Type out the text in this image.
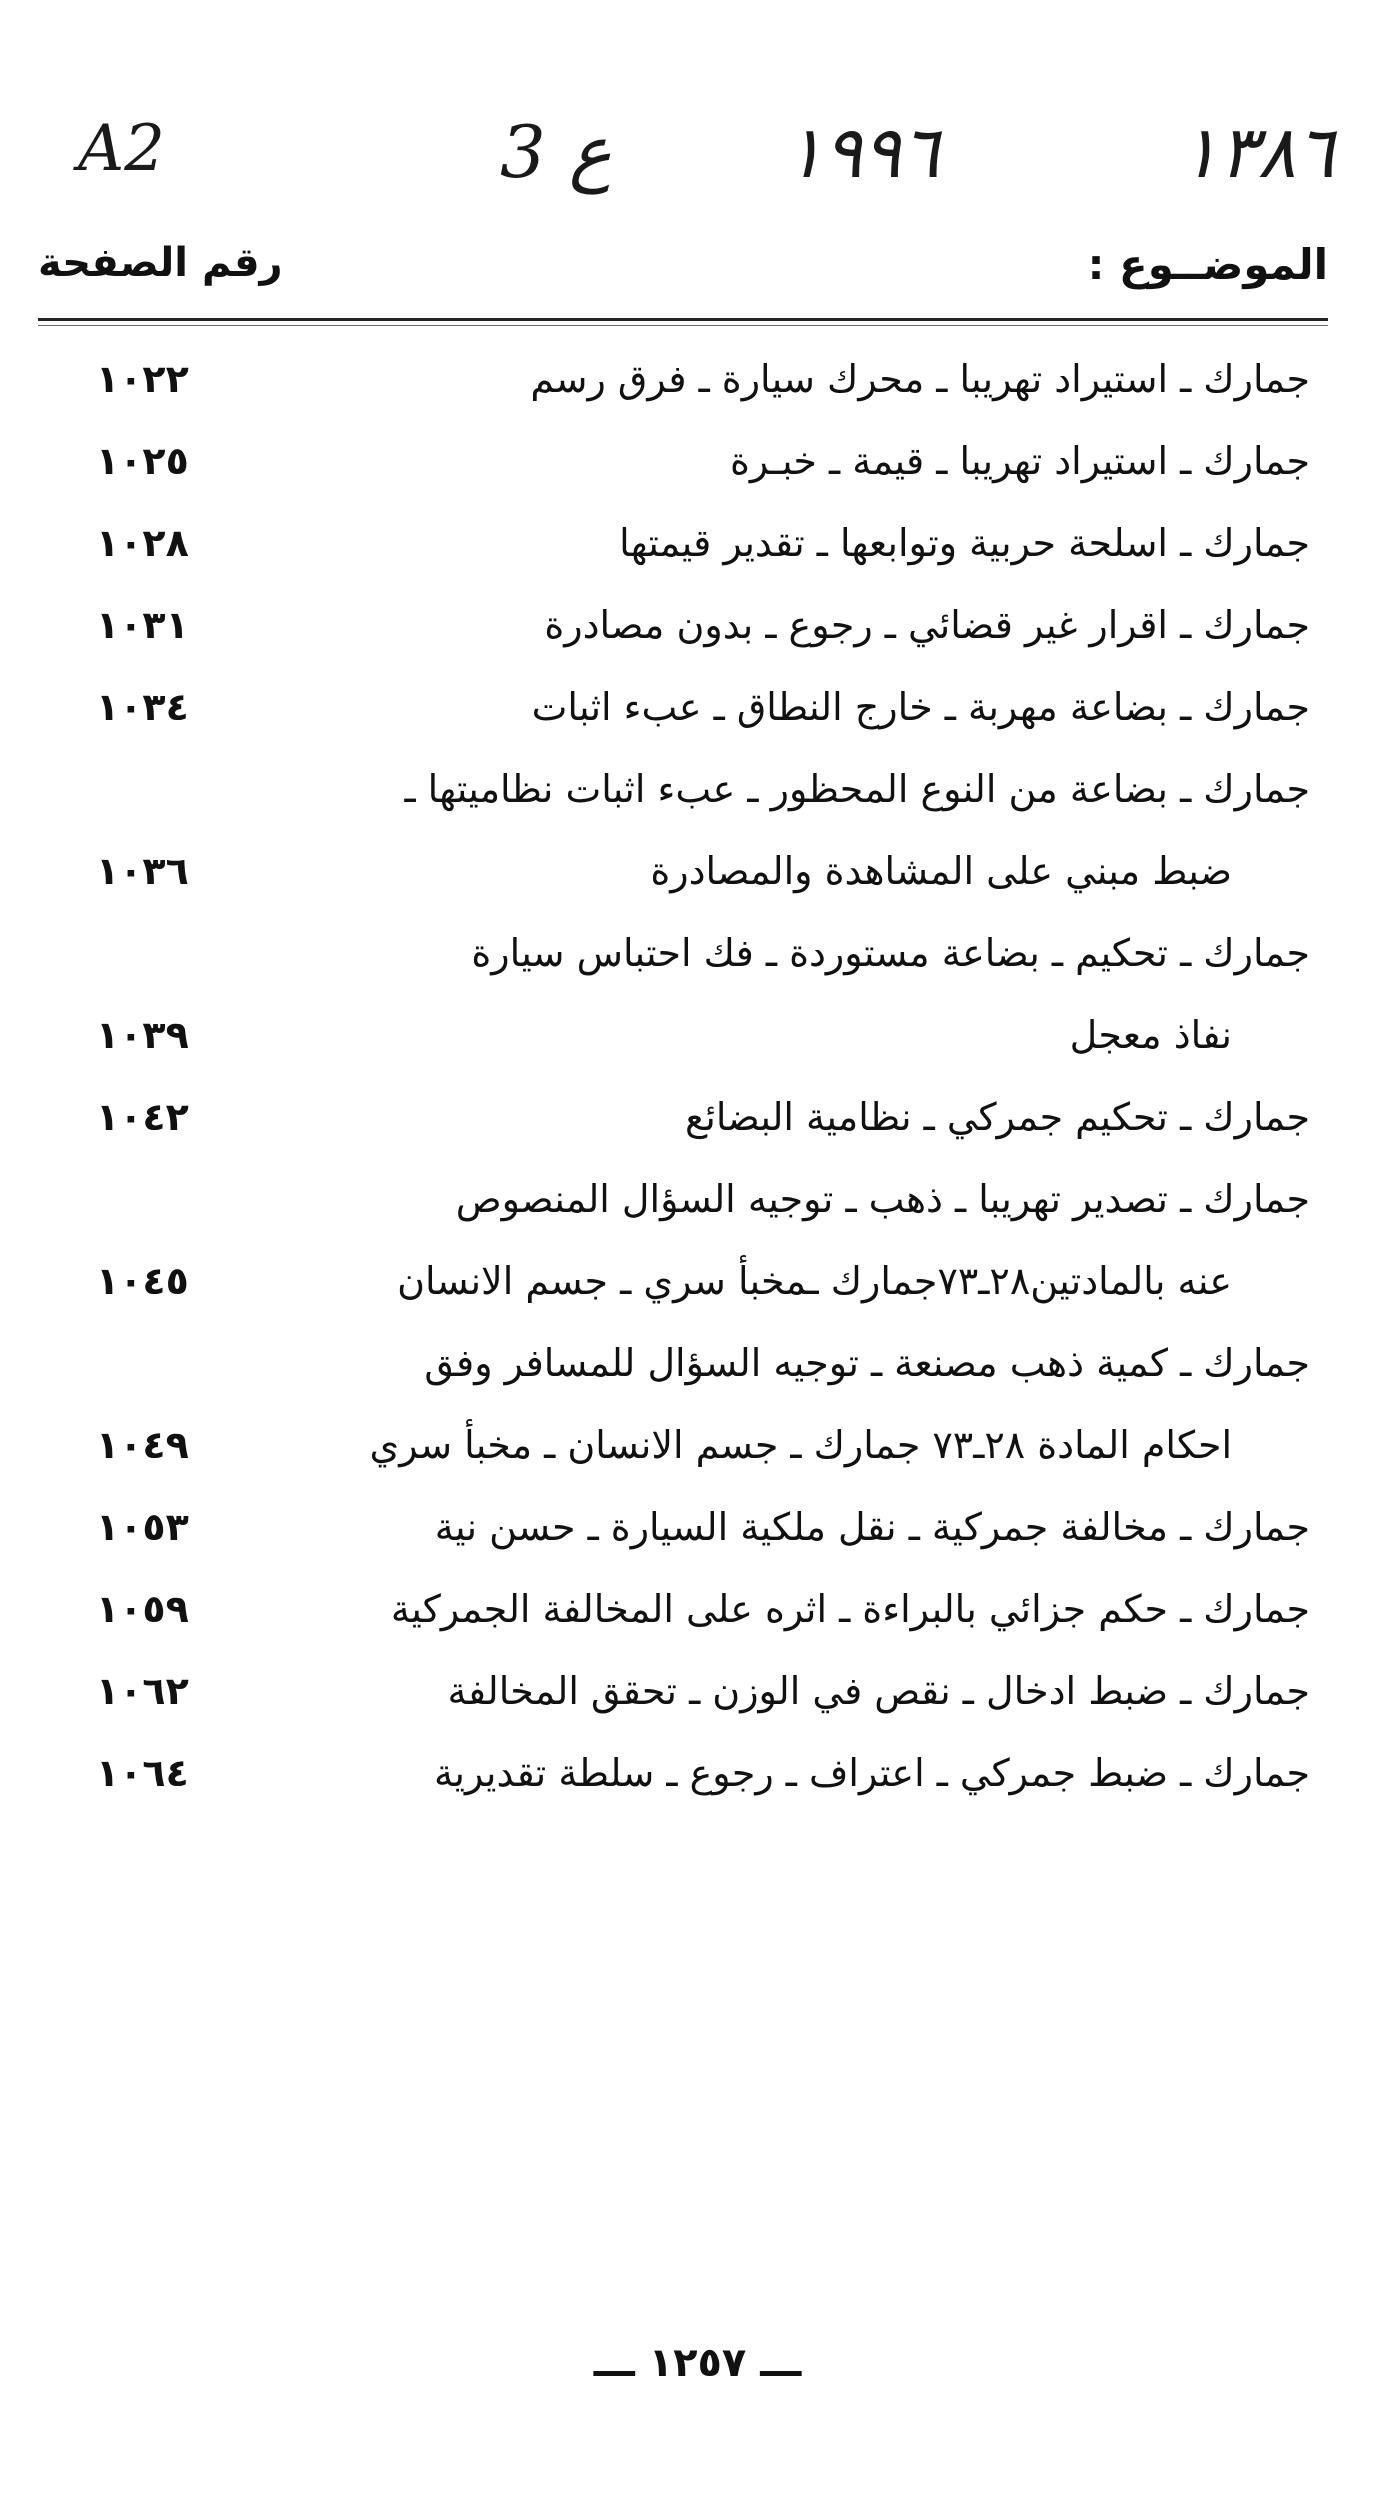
A2	3 ع ١٩٩٦	١٣٨٦
الموضــوع :
رقم الصفحة
جمارك ـ استيراد تهريبا ـ محرك سيارة ـ فرق رسم
١٠٢٢
جمارك ـ استيراد تهريبا ـ قيمة ـ خبـرة
١٠٢٥
جمارك ـ اسلحة حربية وتوابعها ـ تقدير قيمتها
١٠٢٨
جمارك ـ اقرار غير قضائي ـ رجوع ـ بدون مصادرة
١٠٣١
جمارك ـ بضاعة مهربة ـ خارج النطاق ـ عبء اثبات
١٠٣٤
جمارك ـ بضاعة من النوع المحظور ـ عبء اثبات نظاميتها ـ
ضبط مبني على المشاهدة والمصادرة
١٠٣٦
جمارك ـ تحكيم ـ بضاعة مستوردة ـ فك احتباس سيارة
نفاذ معجل
١٠٣٩
جمارك ـ تحكيم جمركي ـ نظامية البضائع
١٠٤٢
جمارك ـ تصدير تهريبا ـ ذهب ـ توجيه السؤال المنصوص
عنه بالمادتين٢٨ـ٧٣جمارك ـمخبأ سري ـ جسم الانسان
١٠٤٥
جمارك ـ كمية ذهب مصنعة ـ توجيه السؤال للمسافر وفق
احكام المادة ٢٨ـ٧٣ جمارك ـ جسم الانسان ـ مخبأ سري
١٠٤٩
جمارك ـ مخالفة جمركية ـ نقل ملكية السيارة ـ حسن نية
١٠٥٣
جمارك ـ حكم جزائي بالبراءة ـ اثره على المخالفة الجمركية
١٠٥٩
جمارك ـ ضبط ادخال ـ نقص في الوزن ـ تحقق المخالفة
١٠٦٢
جمارك ـ ضبط جمركي ـ اعتراف ـ رجوع ـ سلطة تقديرية
١٠٦٤
ـــ ١٢٥٧ ـــ
